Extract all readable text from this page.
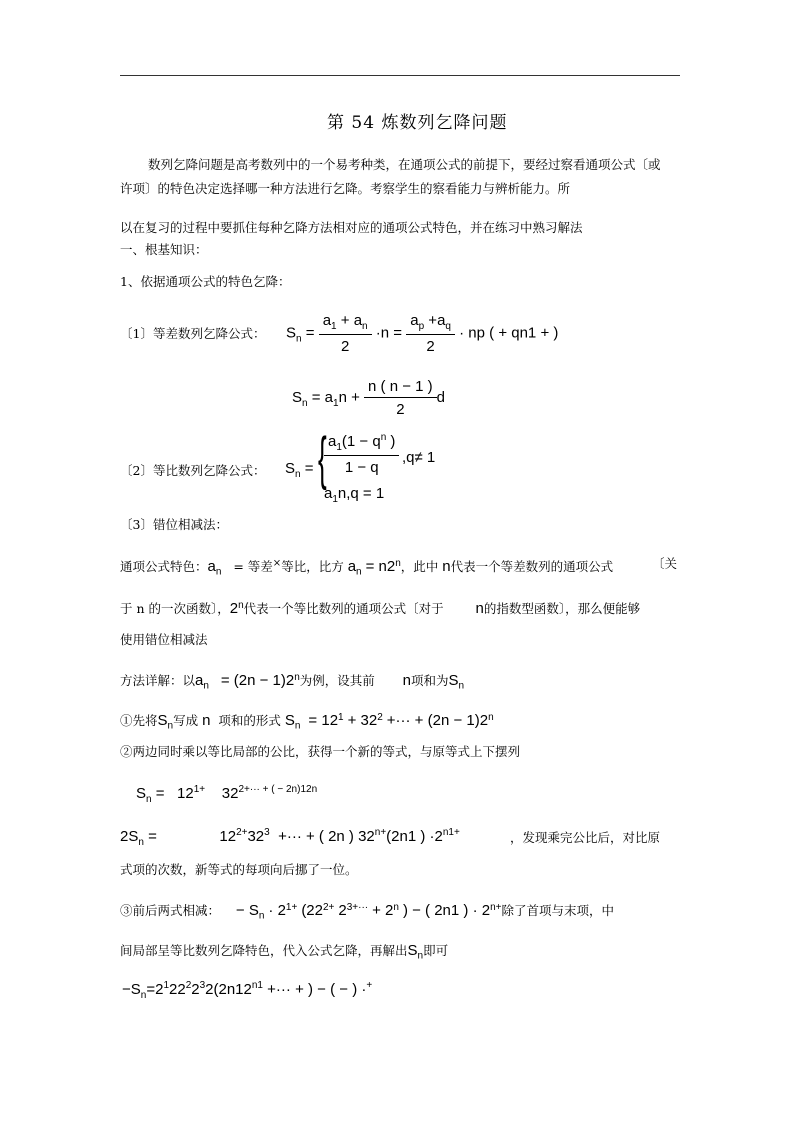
第 54 炼数列乞降问题
数列乞降问题是高考数列中的一个易考种类，在通项公式的前提下，要经过察看通项公式〔或
许项〕的特色决定选择哪一种方法进行乞降。考察学生的察看能力与辨析能力。所
以在复习的过程中要抓住每种乞降方法相对应的通项公式特色，并在练习中熟习解法
一、根基知识：
1、依据通项公式的特色乞降：
〔1〕等差数列乞降公式： $S_n = \frac{a_1 + a_n}{2} \cdot n = \frac{a_p +a_q}{2}$ · np ( + qn1 + )
$S_n = a_1n + \frac{n ( n - 1 )}{2}$ d
〔2〕等比数列乞降公式： $S_n$ = {
$\frac{a_1(1 - q^n )}{1 - q} ,q\ne 1$
$a_1n,q = 1$
〔3〕错位相减法：
通项公式特色：$a_n$ = 等差×等比，比方 $a_n = n2^n$，此中 n代表一个等差数列的通项公式	〔关
于 n 的一次函数〕，2$^n$代表一个等比数列的通项公式〔对于 n的指数型函数〕，那么便能够
使用错位相减法
方法详解：以$a_n = (2n - 1)2^n$为例，设其前 n项和为$S_n$
①先将$S_n$写成 n 项和的形式 $S_n = 12^1 + 32^2$ +··· + $(2n - 1)2^n$
②两边同时乘以等比局部的公比，获得一个新的等式，与原等式上下摆列
$S_n = 12^{1+}$ $32^{2+\cdot\cdot\cdot + ( - 2n)12n}$
$2S_n$ =	$12^{2+}32^3$ +··· + ( 2n ) $32^{n+}(2n1$ ) $\cdot 2^{n1+}$	，发现乘完公比后，对比原
式项的次数，新等式的每项向后挪了一位。
③前后两式相减： − $S_n \cdot 2^{1+}$ ($22^{2+}$ $2^{3+\cdot\cdot\cdot} + 2^n$ ) − ( 2n1 ) · $2^{n+}$除了首项与末项，中
间局部呈等比数列乞降特色，代入公式乞降，再解出$S_n$即可
$-S_n=2^122^22^32(2n12^{n1}$ +··· + ) − ( − ) ·+
